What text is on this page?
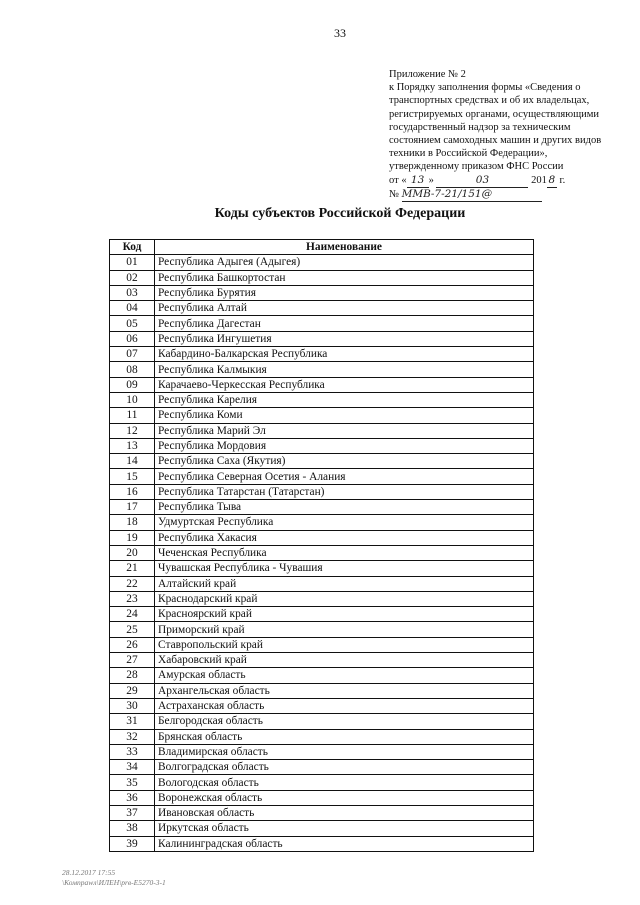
33
Приложение № 2
к Порядку заполнения формы «Сведения о
транспортных средствах и об их владельцах,
регистрируемых органами, осуществляющими
государственный надзор за техническим
состоянием самоходных машин и других видов
техники в Российской Федерации»,
утвержденному приказом ФНС России
от « 13 »	03	201 8 г.
№ ММВ-7-21/151@
Коды субъектов Российской Федерации
Код	Наименование
01	Республика Адыгея (Адыгея)
02	Республика Башкортостан
03	Республика Бурятия
04	Республика Алтай
05	Республика Дагестан
06	Республика Ингушетия
07	Кабардино-Балкарская Республика
08	Республика Калмыкия
09	Карачаево-Черкесская Республика
10	Республика Карелия
11	Республика Коми
12	Республика Марий Эл
13	Республика Мордовия
14	Республика Саха (Якутия)
15	Республика Северная Осетия - Алания
16	Республика Татарстан (Татарстан)
17	Республика Тыва
18	Удмуртская Республика
19	Республика Хакасия
20	Чеченская Республика
21	Чувашская Республика - Чувашия
22	Алтайский край
23	Краснодарский край
24	Красноярский край
25	Приморский край
26	Ставропольский край
27	Хабаровский край
28	Амурская область
29	Архангельская область
30	Астраханская область
31	Белгородская область
32	Брянская область
33	Владимирская область
34	Волгоградская область
35	Вологодская область
36	Воронежская область
37	Ивановская область
38	Иркутская область
39	Калининградская область
28.12.2017 17:55
\Компраwл\ИЛЕН\prв-Е5270-3-1
